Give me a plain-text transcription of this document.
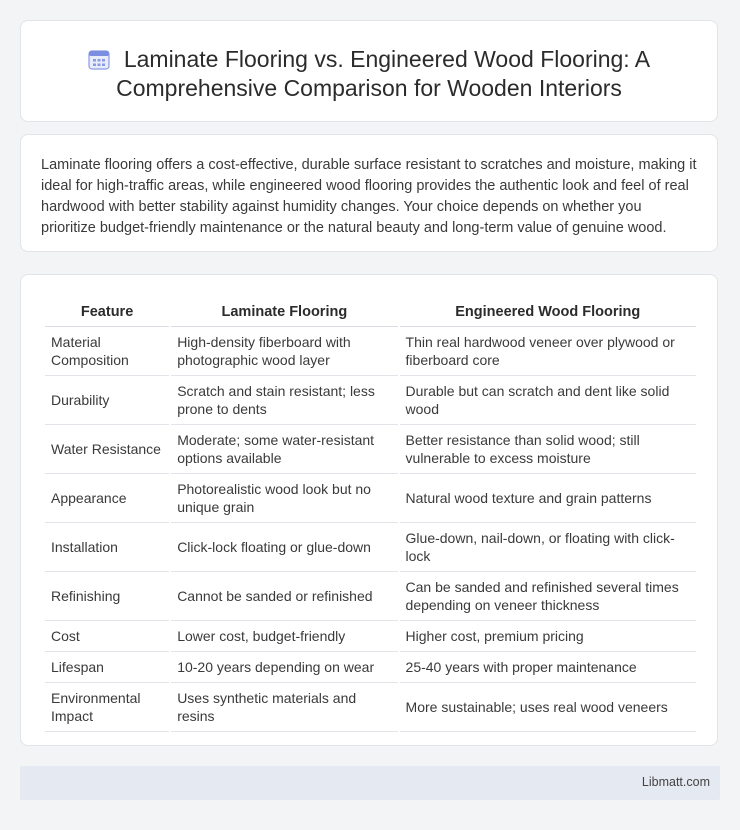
Laminate Flooring vs. Engineered Wood Flooring: A Comprehensive Comparison for Wooden Interiors

Laminate flooring offers a cost-effective, durable surface resistant to scratches and moisture, making it ideal for high-traffic areas, while engineered wood flooring provides the authentic look and feel of real hardwood with better stability against humidity changes. Your choice depends on whether you prioritize budget-friendly maintenance or the natural beauty and long-term value of genuine wood.

Feature	Laminate Flooring	Engineered Wood Flooring
Material Composition	High-density fiberboard with photographic wood layer	Thin real hardwood veneer over plywood or fiberboard core
Durability	Scratch and stain resistant; less prone to dents	Durable but can scratch and dent like solid wood
Water Resistance	Moderate; some water-resistant options available	Better resistance than solid wood; still vulnerable to excess moisture
Appearance	Photorealistic wood look but no unique grain	Natural wood texture and grain patterns
Installation	Click-lock floating or glue-down	Glue-down, nail-down, or floating with click-lock
Refinishing	Cannot be sanded or refinished	Can be sanded and refinished several times depending on veneer thickness
Cost	Lower cost, budget-friendly	Higher cost, premium pricing
Lifespan	10-20 years depending on wear	25-40 years with proper maintenance
Environmental Impact	Uses synthetic materials and resins	More sustainable; uses real wood veneers
Libmatt.com
